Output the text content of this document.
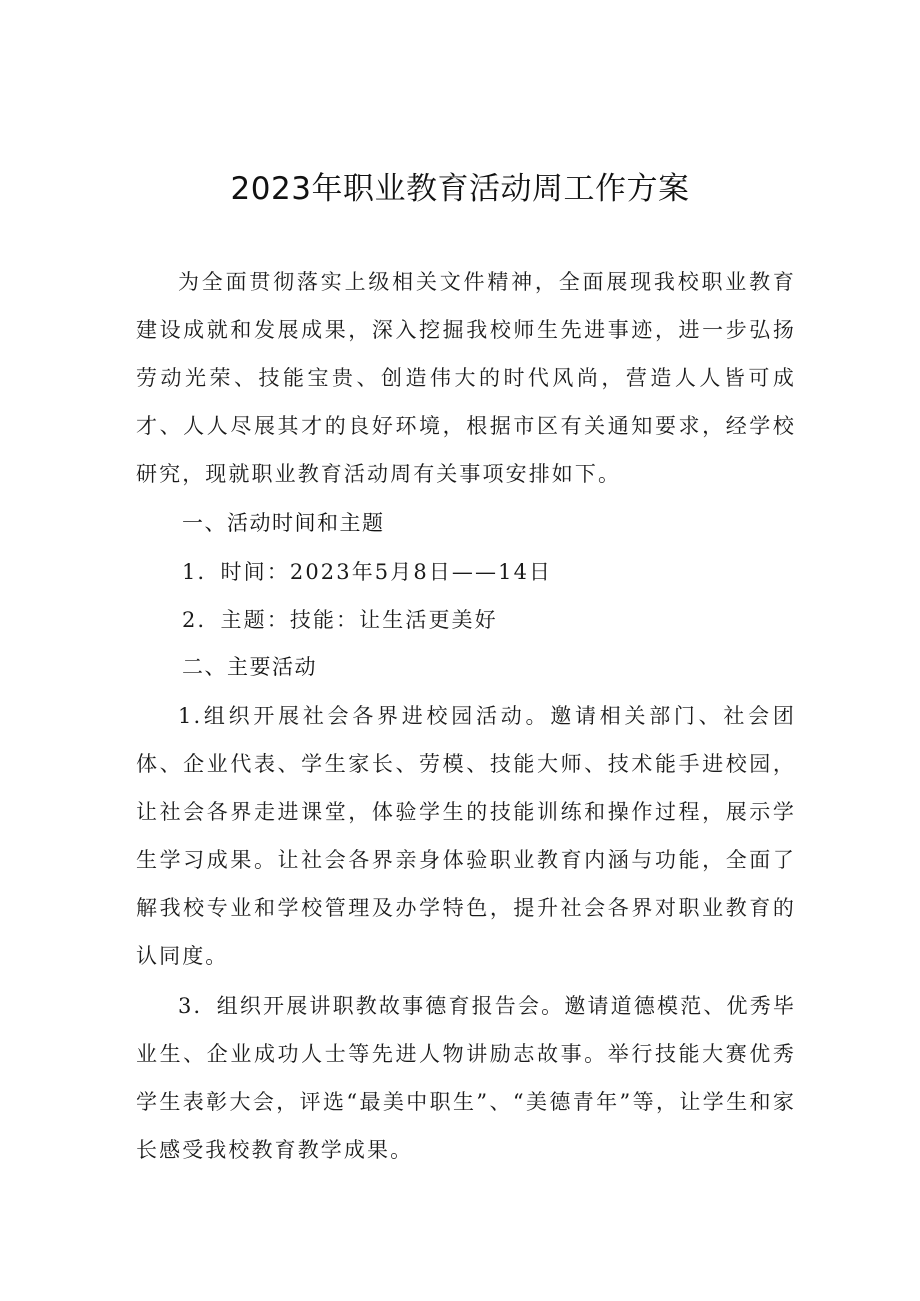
2023年职业教育活动周工作方案

为全面贯彻落实上级相关文件精神，全面展现我校职业教育建设成就和发展成果，深入挖掘我校师生先进事迹，进一步弘扬劳动光荣、技能宝贵、创造伟大的时代风尚，营造人人皆可成才、人人尽展其才的良好环境，根据市区有关通知要求，经学校研究，现就职业教育活动周有关事项安排如下。

一、活动时间和主题
1．时间：2023年5月8日——14日
2．主题：技能：让生活更美好
二、主要活动

1.组织开展社会各界进校园活动。邀请相关部门、社会团体、企业代表、学生家长、劳模、技能大师、技术能手进校园，让社会各界走进课堂，体验学生的技能训练和操作过程，展示学生学习成果。让社会各界亲身体验职业教育内涵与功能，全面了解我校专业和学校管理及办学特色，提升社会各界对职业教育的认同度。

3．组织开展讲职教故事德育报告会。邀请道德模范、优秀毕业生、企业成功人士等先进人物讲励志故事。举行技能大赛优秀学生表彰大会，评选“最美中职生”、“美德青年”等，让学生和家长感受我校教育教学成果。
